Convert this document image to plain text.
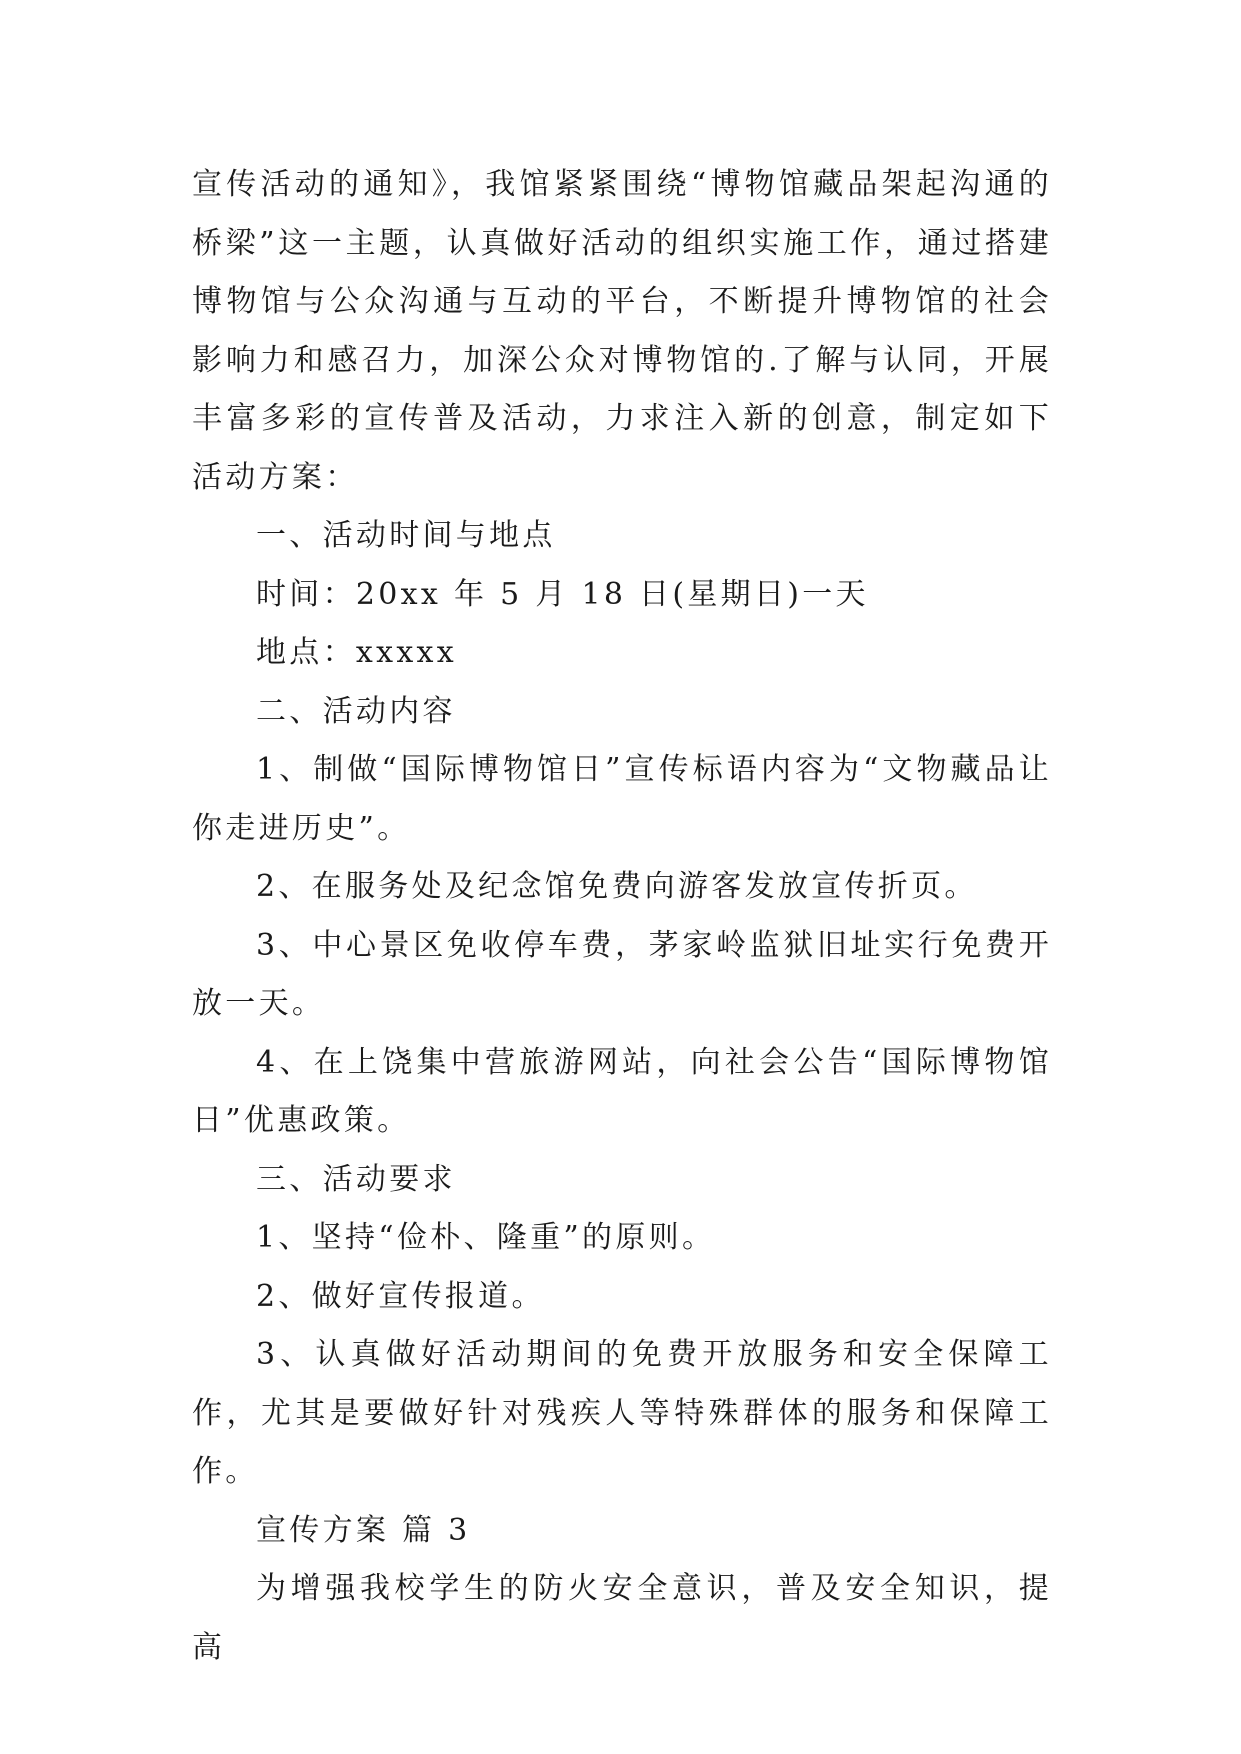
宣传活动的通知》，我馆紧紧围绕“博物馆藏品架起沟通的桥梁”这一主题，认真做好活动的组织实施工作，通过搭建博物馆与公众沟通与互动的平台，不断提升博物馆的社会影响力和感召力，加深公众对博物馆的.了解与认同，开展丰富多彩的宣传普及活动，力求注入新的创意，制定如下活动方案：

一、活动时间与地点

时间：20xx 年 5 月 18 日(星期日)一天

地点：xxxxx

二、活动内容

1、制做“国际博物馆日”宣传标语内容为“文物藏品让你走进历史”。

2、在服务处及纪念馆免费向游客发放宣传折页。

3、中心景区免收停车费，茅家岭监狱旧址实行免费开放一天。

4、在上饶集中营旅游网站，向社会公告“国际博物馆日”优惠政策。

三、活动要求

1、坚持“俭朴、隆重”的原则。

2、做好宣传报道。

3、认真做好活动期间的免费开放服务和安全保障工作，尤其是要做好针对残疾人等特殊群体的服务和保障工作。

宣传方案 篇 3

为增强我校学生的防火安全意识，普及安全知识，提高
